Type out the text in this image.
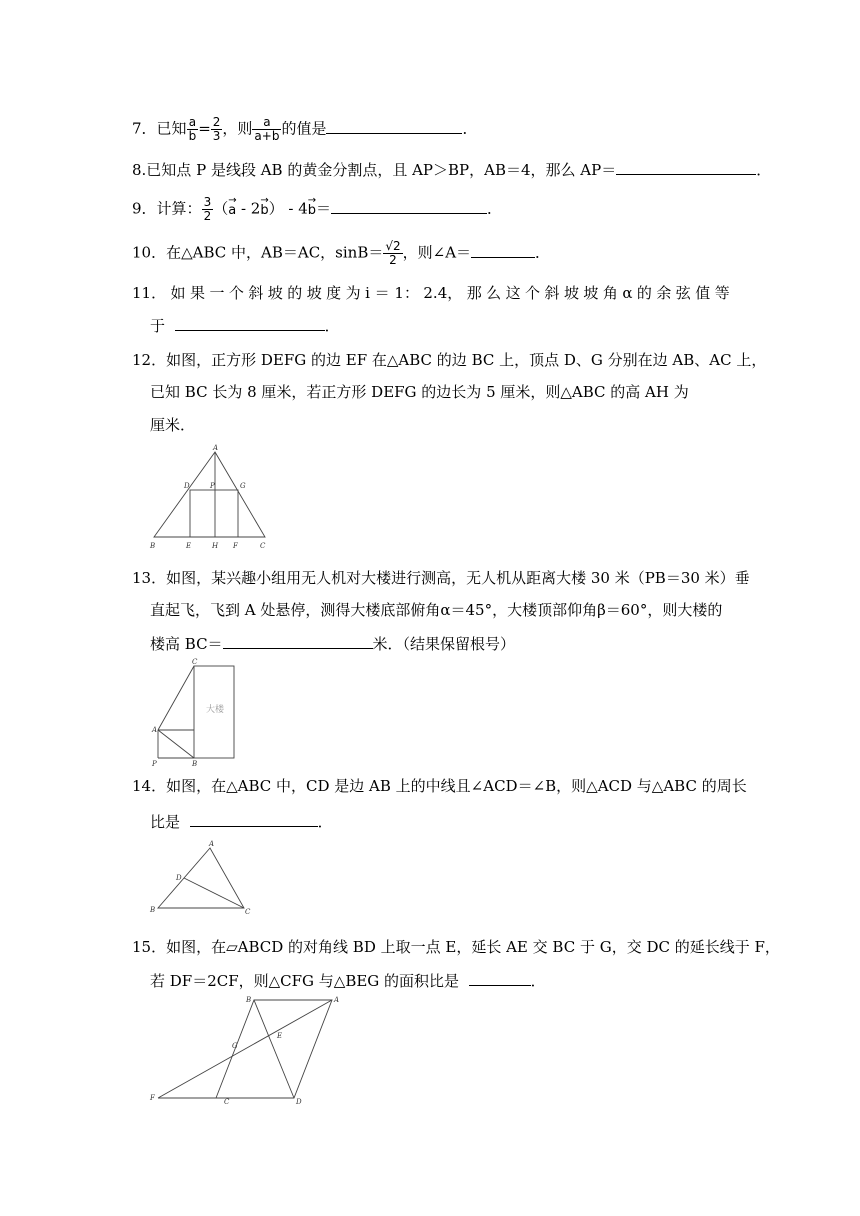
7．已知 $\frac{a}{b} = \frac{2}{3}$ ，则 $\frac{a}{a+b}$ 的值是	．
8.已知点 P 是线段 AB 的黄金分割点，且 AP＞BP，AB＝4，那么 AP＝	．
9．计算： $\frac{3}{2}$ （→ a - 2→ b） - 4→ b＝	．
10．在△ABC 中，AB＝AC，$\sin B= \frac{√2}{2}$ ，则∠A＝	．
11． 如 果 一 个 斜 坡 的 坡 度 为 i ＝ 1： 2.4， 那 么 这 个 斜 坡 坡 角 α 的 余 弦 值 等
于	．
12．如图，正方形 DEFG 的边 EF 在△ABC 的边 BC 上，顶点 D、G 分别在边 AB、AC 上，
已知 BC 长为 8 厘米，若正方形 DEFG 的边长为 5 厘米，则△ABC 的高 AH 为
厘米．
A
D	P	G
B	E	H F	C
13．如图，某兴趣小组用无人机对大楼进行测高，无人机从距离大楼 30 米（PB＝30 米）垂
直起飞，飞到 A 处悬停，测得大楼底部俯角α＝45°，大楼顶部仰角β＝60°，则大楼的
楼高 BC＝	米．（结果保留根号）
C
A
P	B
大楼
14．如图，在△ABC 中，CD 是边 AB 上的中线且∠ACD＝∠B，则△ACD 与△ABC 的周长
比是	．
A
D
B	C
15．如图，在▱ABCD 的对角线 BD 上取一点 E，延长 AE 交 BC 于 G，交 DC 的延长线于 F，
若 DF＝2CF，则△CFG 与△BEG 的面积比是	．
B	A
E
G
F	C	D
